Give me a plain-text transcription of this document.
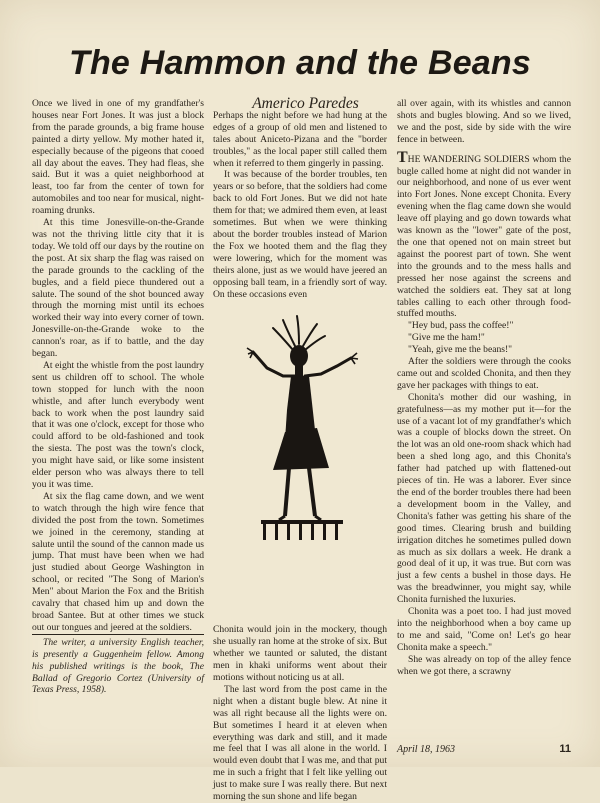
The Hammon and the Beans

Once we lived in one of my grandfather's houses near Fort Jones. It was just a block from the parade grounds, a big frame house painted a dirty yellow. My mother hated it, especially because of the pigeons that cooed all day about the eaves. They had fleas, she said. But it was a quiet neighborhood at least, too far from the center of town for automobiles and too near for musical, night-roaming drunks.

At this time Jonesville-on-the-Grande was not the thriving little city that it is today. We told off our days by the routine on the post. At six sharp the flag was raised on the parade grounds to the cackling of the bugles, and a field piece thundered out a salute. The sound of the shot bounced away through the morning mist until its echoes worked their way into every corner of town. Jonesville-on-the-Grande woke to the cannon's roar, as if to battle, and the day began.

At eight the whistle from the post laundry sent us children off to school. The whole town stopped for lunch with the noon whistle, and after lunch everybody went back to work when the post laundry said that it was one o'clock, except for those who could afford to be old-fashioned and took the siesta. The post was the town's clock, you might have said, or like some insistent elder person who was always there to tell you it was time.

At six the flag came down, and we went to watch through the high wire fence that divided the post from the town. Sometimes we joined in the ceremony, standing at salute until the sound of the cannon made us jump. That must have been when we had just studied about George Washington in school, or recited "The Song of Marion's Men" about Marion the Fox and the British cavalry that chased him up and down the broad Santee. But at other times we stuck out our tongues and jeered at the soldiers.

The writer, a university English teacher, is presently a Guggenheim fellow. Among his published writings is the book, The Ballad of Gregorio Cortez (University of Texas Press, 1958).

Americo Paredes

Perhaps the night before we had hung at the edges of a group of old men and listened to tales about Aniceto-Pizana and the "border troubles," as the local paper still called them when it referred to them gingerly in passing.

It was because of the border troubles, ten years or so before, that the soldiers had come back to old Fort Jones. But we did not hate them for that; we admired them even, at least sometimes. But when we were thinking about the border troubles instead of Marion the Fox we hooted them and the flag they were lowering, which for the moment was theirs alone, just as we would have jeered an opposing ball team, in a friendly sort of way. On these occasions even

Chonita would join in the mockery, though she usually ran home at the stroke of six. But whether we taunted or saluted, the distant men in khaki uniforms went about their motions without noticing us at all.

The last word from the post came in the night when a distant bugle blew. At nine it was all right because all the lights were on. But sometimes I heard it at eleven when everything was dark and still, and it made me feel that I was all alone in the world. I would even doubt that I was me, and that put me in such a fright that I felt like yelling out just to make sure I was really there. But next morning the sun shone and life began

all over again, with its whistles and cannon shots and bugles blowing. And so we lived, we and the post, side by side with the wire fence in between.

THE WANDERING SOLDIERS whom the bugle called home at night did not wander in our neighborhood, and none of us ever went into Fort Jones. None except Chonita. Every evening when the flag came down she would leave off playing and go down towards what was known as the "lower" gate of the post, the one that opened not on main street but against the poorest part of town. She went into the grounds and to the mess halls and pressed her nose against the screens and watched the soldiers eat. They sat at long tables calling to each other through food-stuffed mouths.

"Hey bud, pass the coffee!"

"Give me the ham!"

"Yeah, give me the beans!"

After the soldiers were through the cooks came out and scolded Chonita, and then they gave her packages with things to eat.

Chonita's mother did our washing, in gratefulness—as my mother put it—for the use of a vacant lot of my grandfather's which was a couple of blocks down the street. On the lot was an old one-room shack which had been a shed long ago, and this Chonita's father had patched up with flattened-out pieces of tin. He was a laborer. Ever since the end of the border troubles there had been a development boom in the Valley, and Chonita's father was getting his share of the good times. Clearing brush and building irrigation ditches he sometimes pulled down as much as six dollars a week. He drank a good deal of it up, it was true. But corn was just a few cents a bushel in those days. He was the breadwinner, you might say, while Chonita furnished the luxuries.

Chonita was a poet too. I had just moved into the neighborhood when a boy came up to me and said, "Come on! Let's go hear Chonita make a speech."

She was already on top of the alley fence when we got there, a scrawny

April 18, 1963	11
